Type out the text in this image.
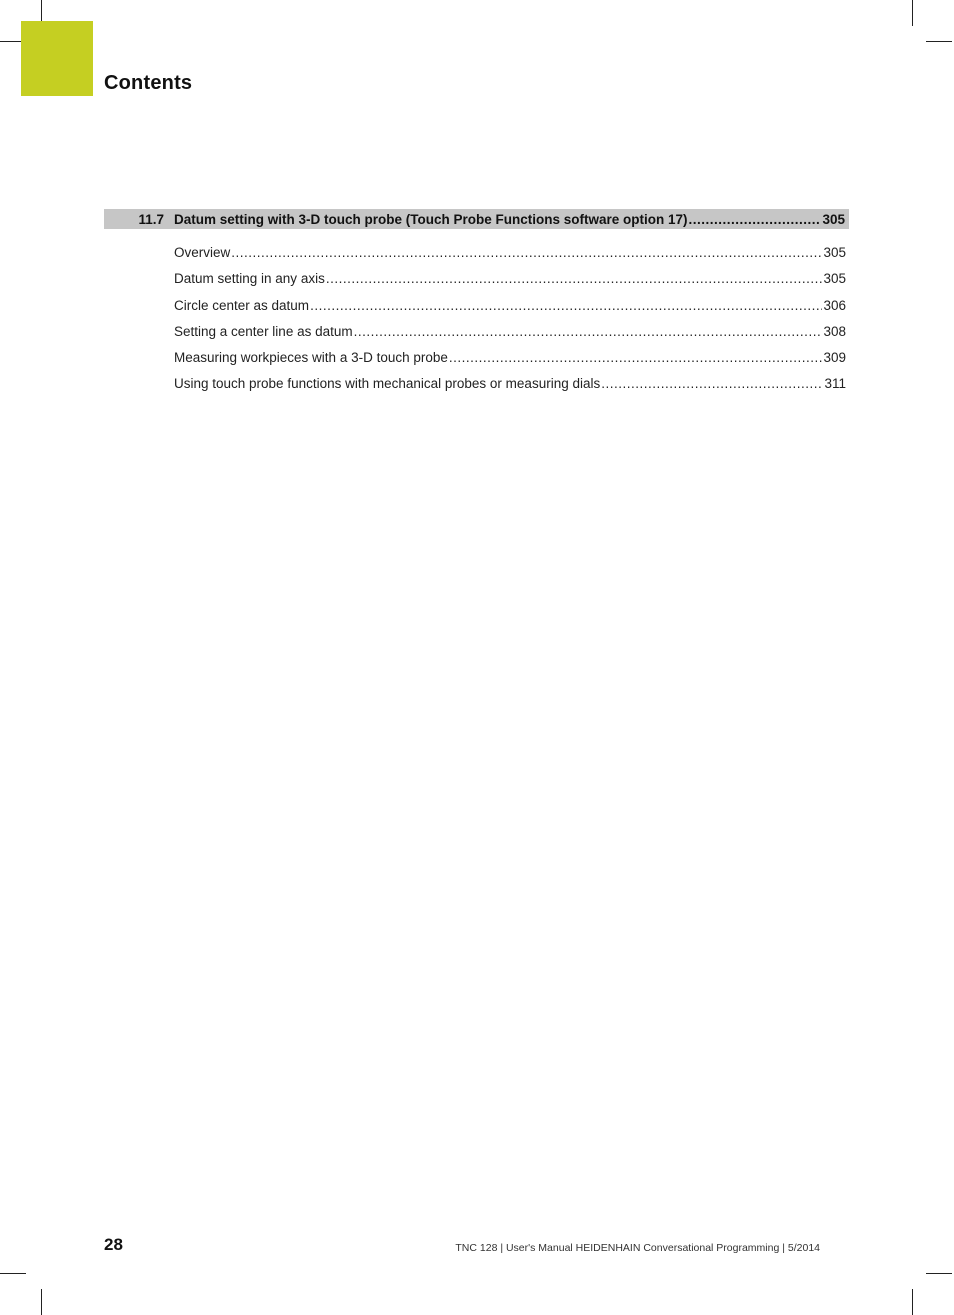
Contents
11.7 Datum setting with 3-D touch probe (Touch Probe Functions software option 17) .....	305
Overview .....	305
Datum setting in any axis .....	305
Circle center as datum .....	306
Setting a center line as datum .....	308
Measuring workpieces with a 3-D touch probe .....	309
Using touch probe functions with mechanical probes or measuring dials .....	311
28	TNC 128 | User's Manual HEIDENHAIN Conversational Programming | 5/2014
